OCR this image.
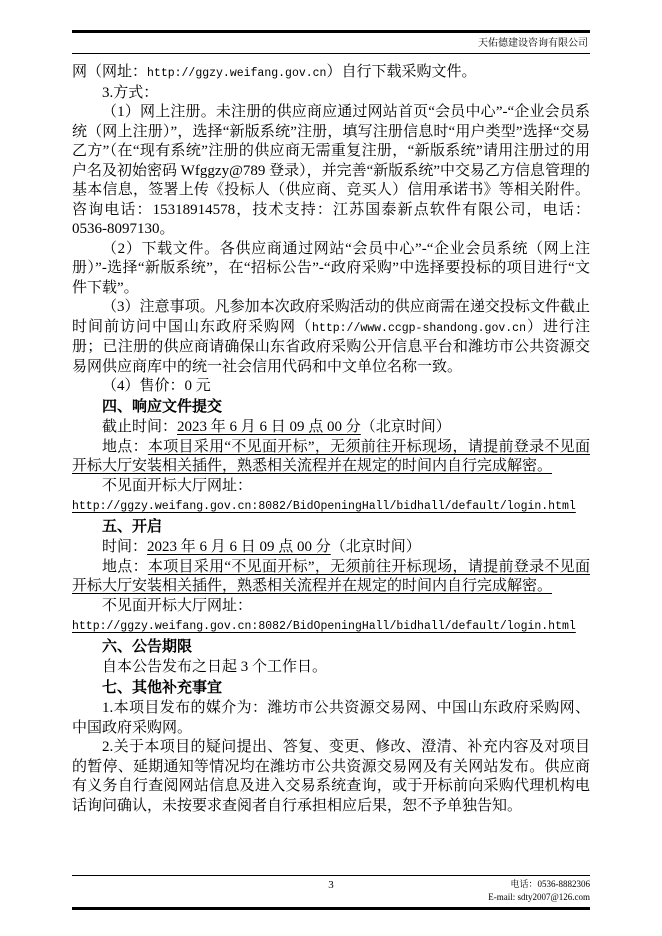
天佑德建设咨询有限公司

网（网址：http://ggzy.weifang.gov.cn）自行下载采购文件。

3.方式：

（1）网上注册。未注册的供应商应通过网站首页“会员中心”-“企业会员系统（网上注册）”，选择“新版系统”注册，填写注册信息时“用户类型”选择“交易乙方”（在“现有系统”注册的供应商无需重复注册，“新版系统”请用注册过的用户名及初始密码 Wfggzy@789 登录），并完善“新版系统”中交易乙方信息管理的基本信息，签署上传《投标人（供应商、竞买人）信用承诺书》等相关附件。咨询电话：15318914578，技术支持：江苏国泰新点软件有限公司，电话：0536-8097130。

（2）下载文件。各供应商通过网站“会员中心”-“企业会员系统（网上注册）”-选择“新版系统”，在“招标公告”-“政府采购”中选择要投标的项目进行“文件下载”。

（3）注意事项。凡参加本次政府采购活动的供应商需在递交投标文件截止时间前访问中国山东政府采购网（http://www.ccgp-shandong.gov.cn）进行注册；已注册的供应商请确保山东省政府采购公开信息平台和潍坊市公共资源交易网供应商库中的统一社会信用代码和中文单位名称一致。

（4）售价：0 元

四、响应文件提交

截止时间：2023 年 6 月 6 日 09 点 00 分（北京时间）

地点：本项目采用“不见面开标”，无须前往开标现场，请提前登录不见面开标大厅安装相关插件，熟悉相关流程并在规定的时间内自行完成解密。

不见面开标大厅网址：

http://ggzy.weifang.gov.cn:8082/BidOpeningHall/bidhall/default/login.html

五、开启

时间：2023 年 6 月 6 日 09 点 00 分（北京时间）

地点：本项目采用“不见面开标”，无须前往开标现场，请提前登录不见面开标大厅安装相关插件，熟悉相关流程并在规定的时间内自行完成解密。

不见面开标大厅网址：

http://ggzy.weifang.gov.cn:8082/BidOpeningHall/bidhall/default/login.html

六、公告期限

自本公告发布之日起 3 个工作日。

七、其他补充事宜

1.本项目发布的媒介为：潍坊市公共资源交易网、中国山东政府采购网、中国政府采购网。

2.关于本项目的疑问提出、答复、变更、修改、澄清、补充内容及对项目的暂停、延期通知等情况均在潍坊市公共资源交易网及有关网站发布。供应商有义务自行查阅网站信息及进入交易系统查询，或于开标前向采购代理机构电话询问确认，未按要求查阅者自行承担相应后果，恕不予单独告知。

3	电话：0536-8882306
E-mail: sdty2007@126.com
